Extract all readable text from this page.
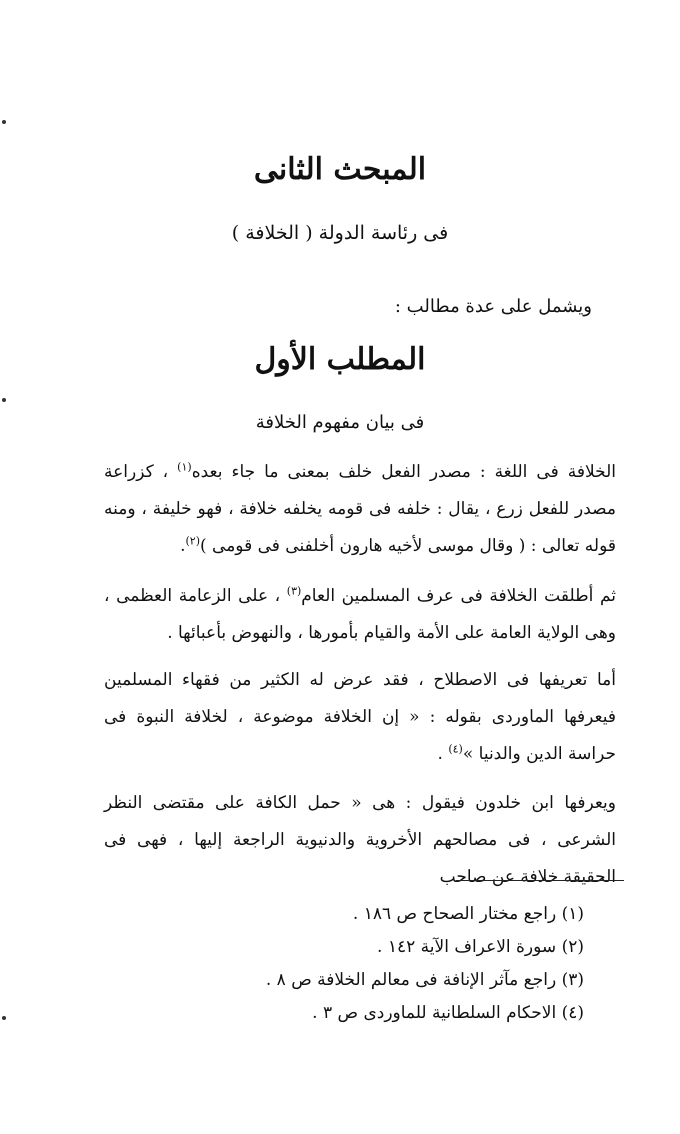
المبحث الثانى
فى رئاسة الدولة ( الخلافة )
ويشمل على عدة مطالب :
المطلب الأول
فى بيان مفهوم الخلافة

الخلافة فى اللغة : مصدر الفعل خلف بمعنى ما جاء بعده$^{(١)}$ ، كزراعة مصدر للفعل زرع ، يقال : خلفه فى قومه يخلفه خلافة ، فهو خليفة ، ومنه قوله تعالى : ( وقال موسى لأخيه هارون أخلفنى فى قومى )$^{(٢)}$.

ثم أطلقت الخلافة فى عرف المسلمين العام$^{(٣)}$ ، على الزعامة العظمى ، وهى الولاية العامة على الأمة والقيام بأمورها ، والنهوض بأعبائها .

أما تعريفها فى الاصطلاح ، فقد عرض له الكثير من فقهاء المسلمين فيعرفها الماوردى بقوله : « إن الخلافة موضوعة ، لخلافة النبوة فى حراسة الدين والدنيا »$^{(٤)}$ .

ويعرفها ابن خلدون فيقول : هى « حمل الكافة على مقتضى النظر الشرعى ، فى مصالحهم الأخروية والدنيوية الراجعة إليها ، فهى فى الحقيقة خلافة عن صاحب

(١) راجع مختار الصحاح ص ١٨٦ .
(٢) سورة الاعراف الآية ١٤٢ .
(٣) راجع مآثر الإنافة فى معالم الخلافة ص ٨ .
(٤) الاحكام السلطانية للماوردى ص ٣ .
